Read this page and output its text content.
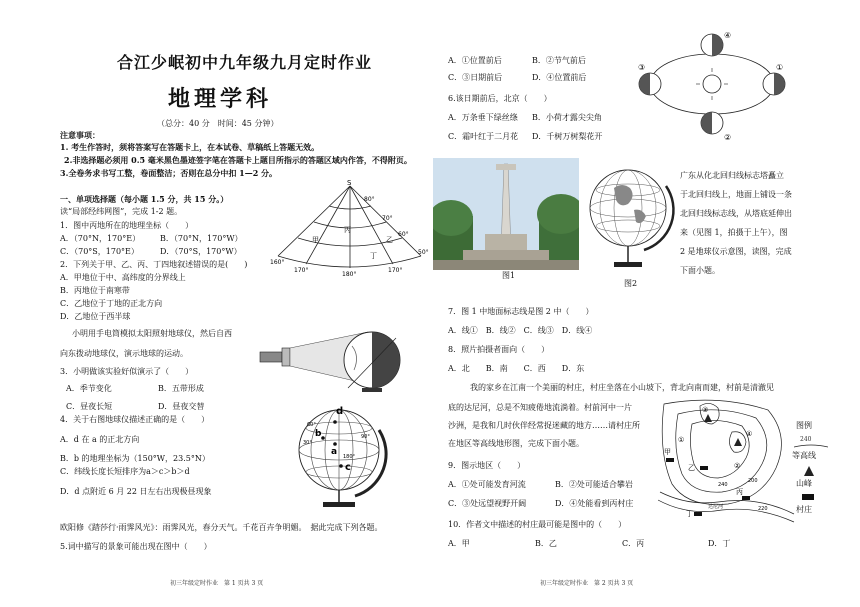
合江少岷初中九年级九月定时作业
地理学科
（总分：40 分　时间：45 分钟）
注意事项：
1. 考生作答时，须将答案写在答题卡上，在本试卷、草稿纸上答题无效。
2.非选择题必须用 0.5 毫米黑色墨迹签字笔在答题卡上题目所指示的答题区域内作答，不得附页。
3.全卷务求书写工整，卷面整洁；否则在总分中扣 1—2 分。
一、单项选择题（每小题 1.5 分，共 15 分。）
读“局部经纬网图”，完成 1-2 题。
1．图中丙地所在的地理坐标（　　）
A．（70°N，170°E） B．（70°N，170°W）
C．（70°S，170°E）	D．（70°S，170°W）
2．下列关于甲、乙、丙、丁四地叙述错误的是(　　)
A．甲地位于中、高纬度的分界线上
B．丙地位于南寒带
C．乙地位于丁地的正北方向
D．乙地位于西半球
小明用手电筒模拟太阳照射地球仪，然后自西
向东拨动地球仪，演示地球的运动。
3．小明做该实验好似演示了（　　）
A．季节变化	B．五带形成
C．昼夜长短	D．昼夜交替
4．关于右图地球仪描述正确的是（　　）
A．d 在 a 的正北方向
B．b 的地理坐标为（150°W，23.5°N）
C．纬线长度长短排序为a＞c＞b＞d
D．d 点附近 6 月 22 日左右出现极昼现象
欧阳修《踏莎行·雨霁风光》：雨霁风光，春分天气。千花百卉争明媚。　据此完成下列各题。
5.词中描写的景象可能出现在图中（　　）
初三年级定时作业　第 1 页共 3 页
S
80°
70°
60°
50°
160°
170°
180°
170°
甲	乙
丙
丁
d
b
a
c
60°
30°
180°
90°
A．①位置前后	B．②节气前后
C．③日期前后	D．④位置前后
6.该日期前后，北京（　　）
A．万条垂下绿丝绦 B．小荷才露尖尖角
C．霜叶红于二月花 D．千树万树梨花开
④
③
②
①
图1
图2
广东从化北回归线标志塔矗立
于北回归线上，地面上铺设一条
北回归线标志线，从塔底延伸出
来（见图 1，拍摄于上午），图
2 是地球仪示意图，读图，完成
下面小题。
7．图 1 中地面标志线是图 2 中（　　）
A．线①　B．线②　C．线③　D．线④
8．照片拍摄者面向（　　）
A．北　　B．南　　C．西　　D．东
我的家乡在江南一个美丽的村庄，村庄坐落在小山坡下，背北向南而建，村前是清澈见
底的达尼河，总是不知疲倦地流淌着。村前河中一片
沙洲，是我和几时伙伴经常捉迷藏的地方……请村庄所
在地区等高线地形图，完成下面小题。
9．图示地区（　　）
A．①处可能发育河流	B．②处可能适合攀岩
C．③处远望视野开阔	D．④处能看到丙村庄
10．作者文中描述的村庄最可能是图中的（　　）
A．甲	B．乙	C．丙	D．丁
初三年级定时作业　第 2 页共 3 页
甲
乙
丙
丁
①
②
③
④
200
240
220
达尼河
图例
240
等高线
山峰
村庄
